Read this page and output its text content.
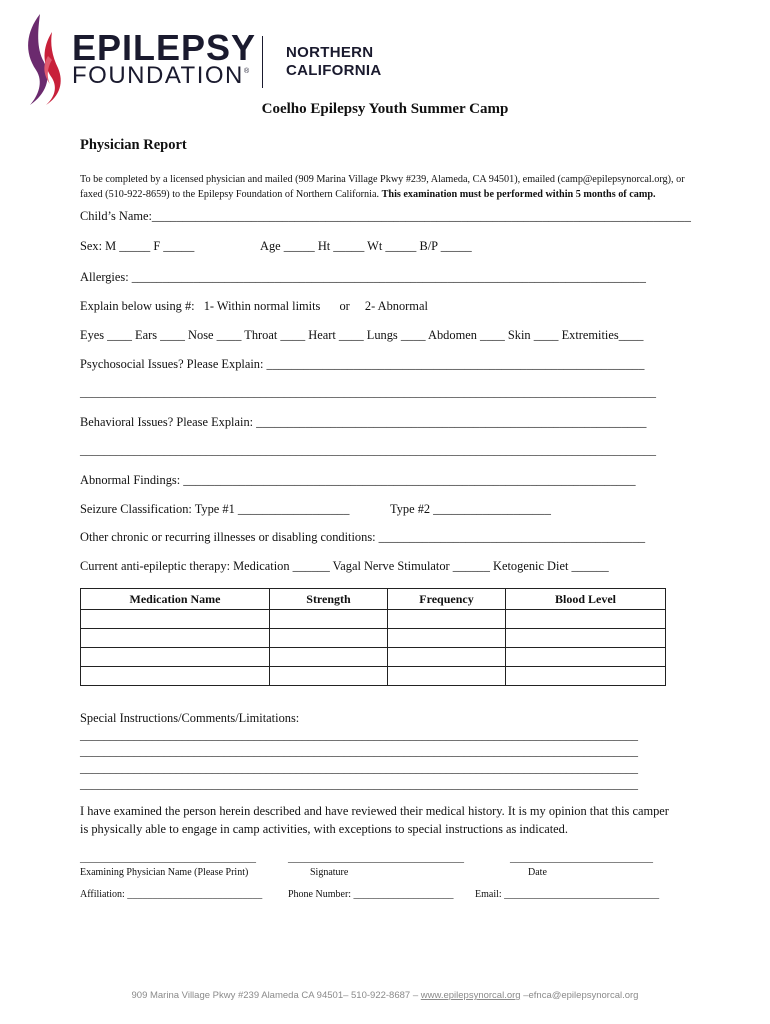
EPILEPSY
FOUNDATION ®
NORTHERN
CALIFORNIA
Coelho Epilepsy Youth Summer Camp
Physician Report
To be completed by a licensed physician and mailed (909 Marina Village Pkwy #239, Alameda, CA 94501), emailed (camp@epilepsynorcal.org), or faxed (510-922-8659) to the Epilepsy Foundation of Northern California. This examination must be performed within 5 months of camp.
Child’s Name:_______________________________________________________________________________________
Sex: M _____ F _____	Age _____ Ht _____ Wt _____ B/P _____
Allergies: ___________________________________________________________________________________
Explain below using #: 1- Within normal limits or 2- Abnormal
Eyes ____ Ears ____ Nose ____ Throat ____ Heart ____ Lungs ____ Abdomen ____ Skin ____ Extremities____
Psychosocial Issues? Please Explain: _____________________________________________________________
________________________________________________________________________________________________
Behavioral Issues? Please Explain: _______________________________________________________________
________________________________________________________________________________________________
Abnormal Findings: _________________________________________________________________________
Seizure Classification: Type #1 __________________	Type #2 ___________________
Other chronic or recurring illnesses or disabling conditions: ___________________________________________
Current anti-epileptic therapy: Medication ______ Vagal Nerve Stimulator ______ Ketogenic Diet ______
Medication Name	Strength	Frequency	Blood Level

Special Instructions/Comments/Limitations:
_____________________________________________________________________________________________
_____________________________________________________________________________________________
_____________________________________________________________________________________________
_____________________________________________________________________________________________
I have examined the person herein described and have reviewed their medical history. It is my opinion that this camper
is physically able to engage in camp activities, with exceptions to special instructions as indicated.
________________________________	________________________________	__________________________
Examining Physician Name (Please Print)	Signature	Date
Affiliation: ___________________________	Phone Number: ____________________ Email: _______________________________
909 Marina Village Pkwy #239 Alameda CA 94501– 510-922-8687 – www.epilepsynorcal.org –efnca@epilepsynorcal.org
